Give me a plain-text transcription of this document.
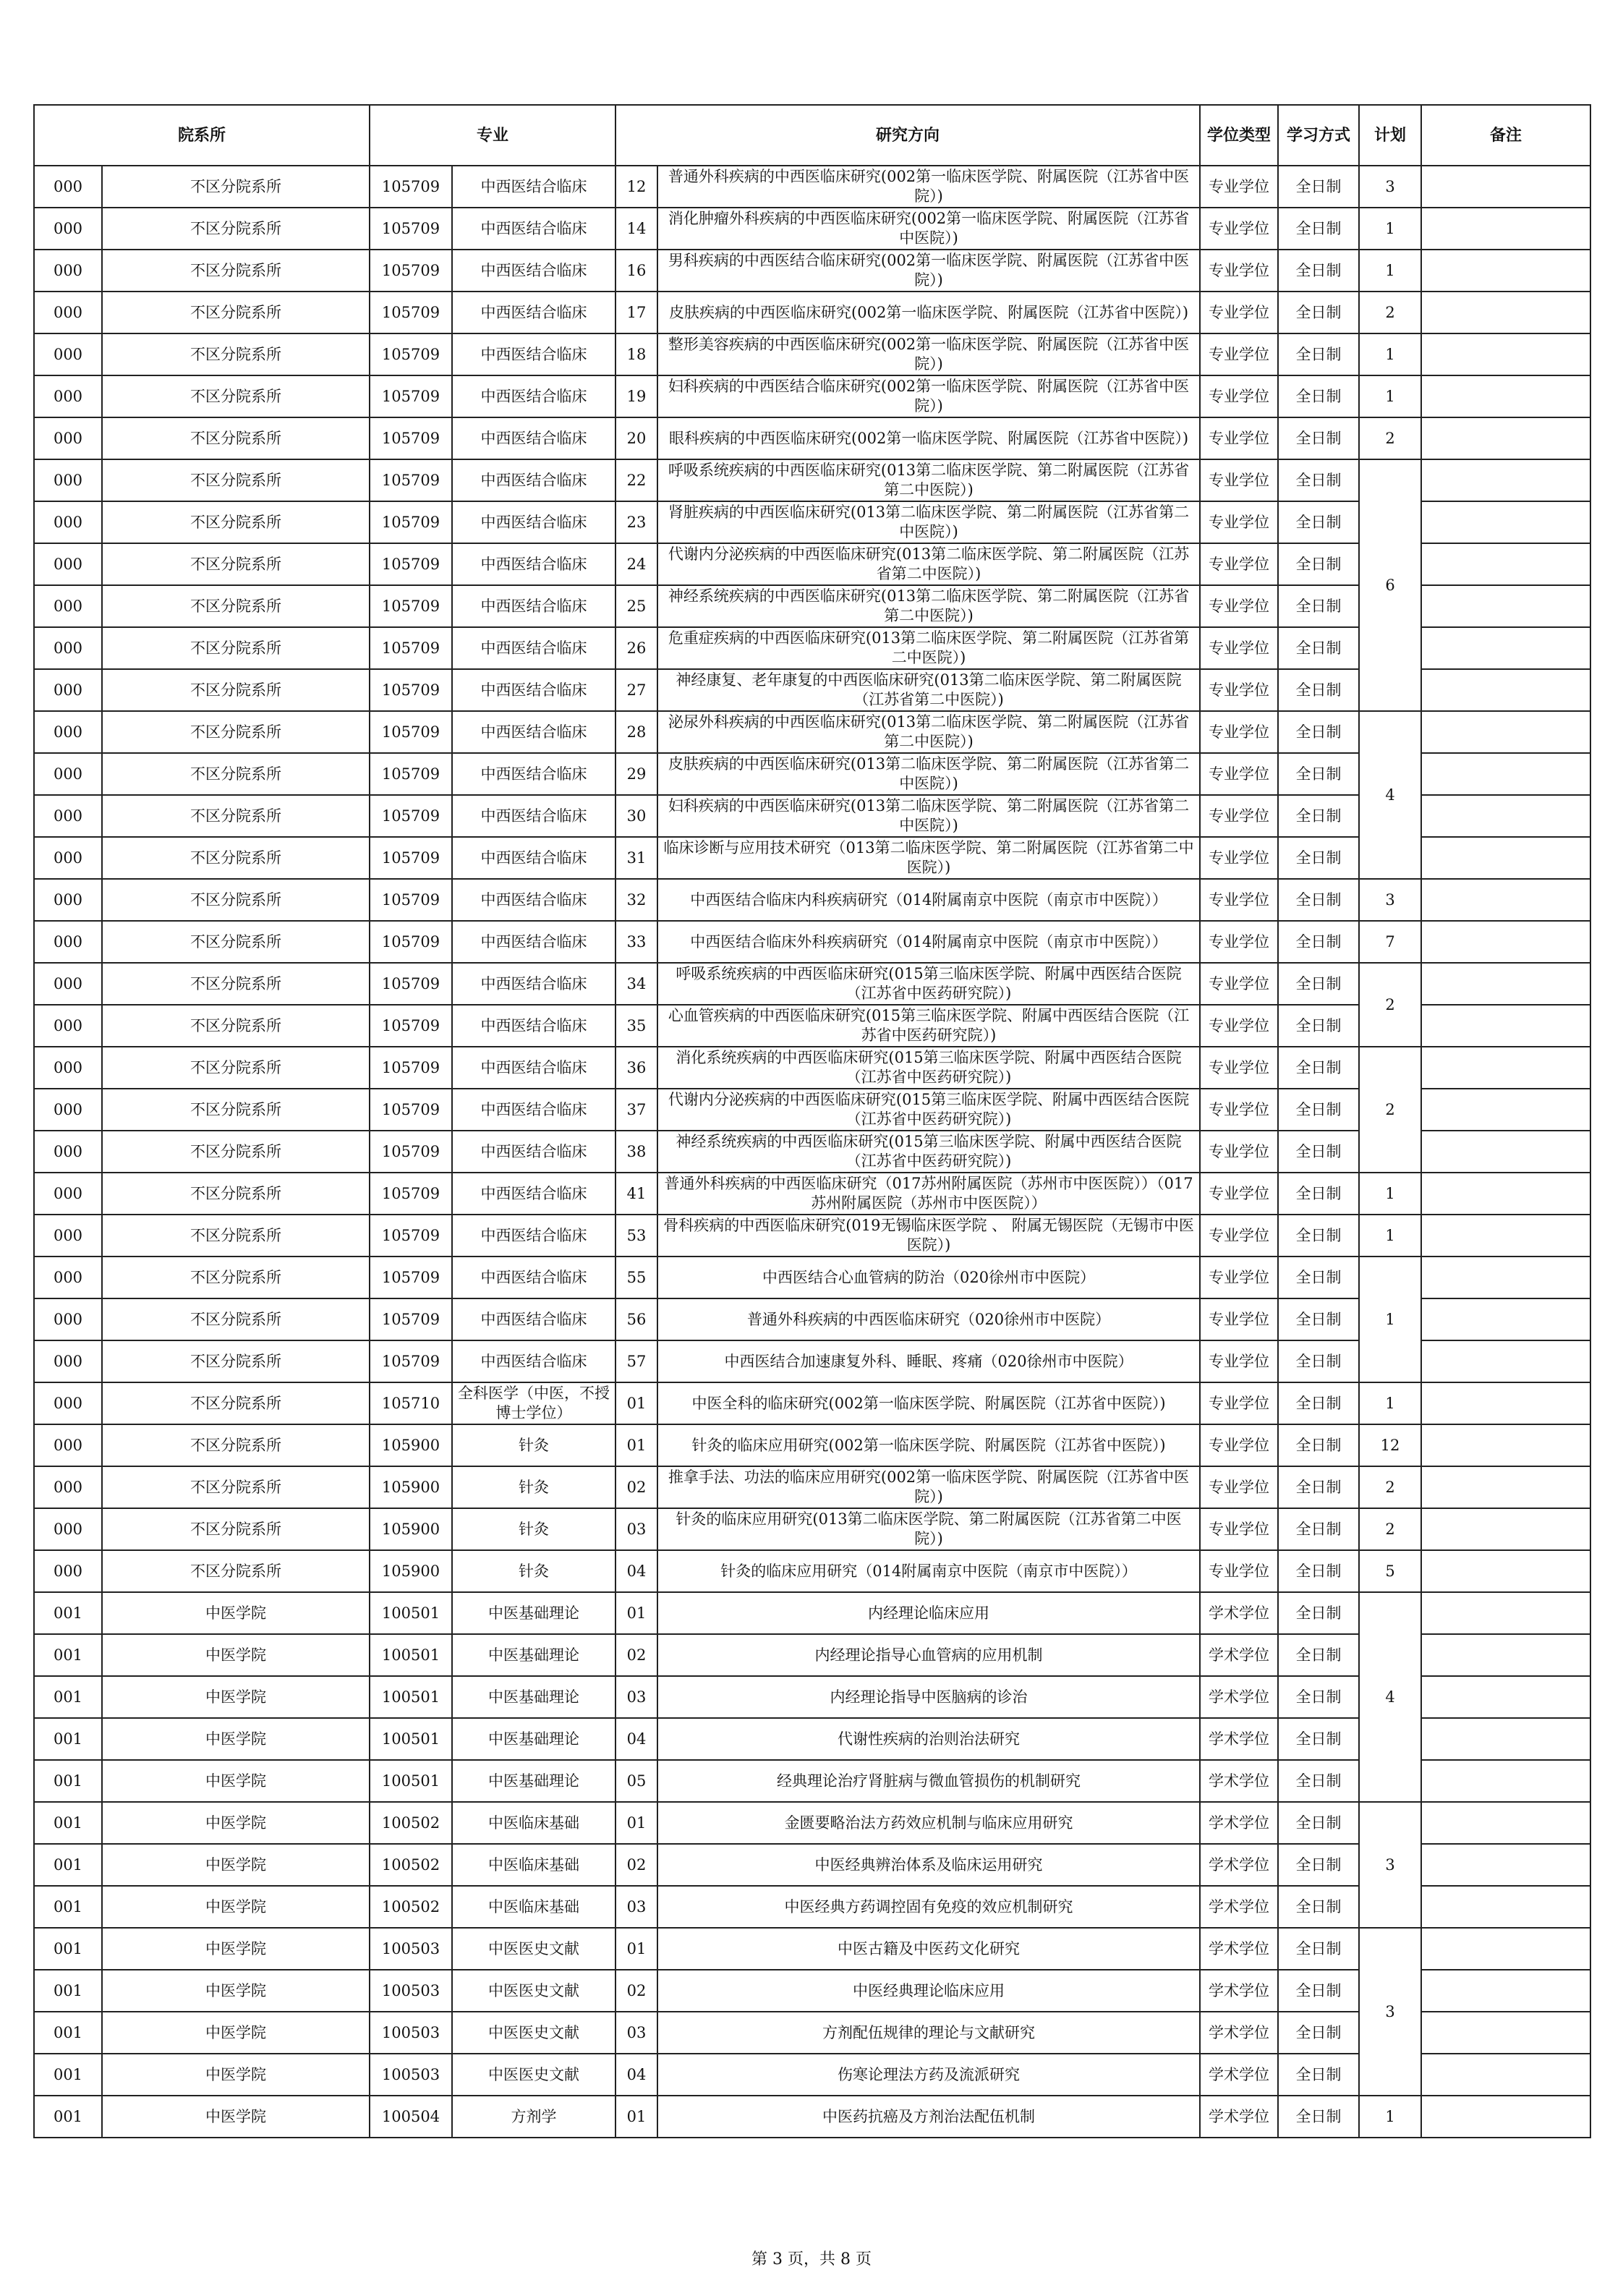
院系所		专业		研究方向		学位类型	学习方式	计划	备注
000	不区分院系所	105709	中西医结合临床	12	普通外科疾病的中西医临床研究(002第一临床医学院、附属医院（江苏省中医院）)	专业学位	全日制	3	
000	不区分院系所	105709	中西医结合临床	14	消化肿瘤外科疾病的中西医临床研究(002第一临床医学院、附属医院（江苏省中医院）)	专业学位	全日制	1	
000	不区分院系所	105709	中西医结合临床	16	男科疾病的中西医结合临床研究(002第一临床医学院、附属医院（江苏省中医院）)	专业学位	全日制	1	
000	不区分院系所	105709	中西医结合临床	17	皮肤疾病的中西医临床研究(002第一临床医学院、附属医院（江苏省中医院）)	专业学位	全日制	2	
000	不区分院系所	105709	中西医结合临床	18	整形美容疾病的中西医临床研究(002第一临床医学院、附属医院（江苏省中医院）)	专业学位	全日制	1	
000	不区分院系所	105709	中西医结合临床	19	妇科疾病的中西医结合临床研究(002第一临床医学院、附属医院（江苏省中医院）)	专业学位	全日制	1	
000	不区分院系所	105709	中西医结合临床	20	眼科疾病的中西医临床研究(002第一临床医学院、附属医院（江苏省中医院）)	专业学位	全日制	2	
000	不区分院系所	105709	中西医结合临床	22	呼吸系统疾病的中西医临床研究(013第二临床医学院、第二附属医院（江苏省第二中医院）)	专业学位	全日制	6	
000	不区分院系所	105709	中西医结合临床	23	肾脏疾病的中西医临床研究(013第二临床医学院、第二附属医院（江苏省第二中医院）)	专业学位	全日制		
000	不区分院系所	105709	中西医结合临床	24	代谢内分泌疾病的中西医临床研究(013第二临床医学院、第二附属医院（江苏省第二中医院）)	专业学位	全日制		
000	不区分院系所	105709	中西医结合临床	25	神经系统疾病的中西医临床研究(013第二临床医学院、第二附属医院（江苏省第二中医院）)	专业学位	全日制		
000	不区分院系所	105709	中西医结合临床	26	危重症疾病的中西医临床研究(013第二临床医学院、第二附属医院（江苏省第二中医院）)	专业学位	全日制		
000	不区分院系所	105709	中西医结合临床	27	神经康复、老年康复的中西医临床研究(013第二临床医学院、第二附属医院（江苏省第二中医院）)	专业学位	全日制		
000	不区分院系所	105709	中西医结合临床	28	泌尿外科疾病的中西医临床研究(013第二临床医学院、第二附属医院（江苏省第二中医院）)	专业学位	全日制	4	
000	不区分院系所	105709	中西医结合临床	29	皮肤疾病的中西医临床研究(013第二临床医学院、第二附属医院（江苏省第二中医院）)	专业学位	全日制		
000	不区分院系所	105709	中西医结合临床	30	妇科疾病的中西医临床研究(013第二临床医学院、第二附属医院（江苏省第二中医院）)	专业学位	全日制		
000	不区分院系所	105709	中西医结合临床	31	临床诊断与应用技术研究（013第二临床医学院、第二附属医院（江苏省第二中医院）)	专业学位	全日制		
000	不区分院系所	105709	中西医结合临床	32	中西医结合临床内科疾病研究（014附属南京中医院（南京市中医院））	专业学位	全日制	3	
000	不区分院系所	105709	中西医结合临床	33	中西医结合临床外科疾病研究（014附属南京中医院（南京市中医院））	专业学位	全日制	7	
000	不区分院系所	105709	中西医结合临床	34	呼吸系统疾病的中西医临床研究(015第三临床医学院、附属中西医结合医院（江苏省中医药研究院）)	专业学位	全日制	2	
000	不区分院系所	105709	中西医结合临床	35	心血管疾病的中西医临床研究(015第三临床医学院、附属中西医结合医院（江苏省中医药研究院）)	专业学位	全日制		
000	不区分院系所	105709	中西医结合临床	36	消化系统疾病的中西医临床研究(015第三临床医学院、附属中西医结合医院（江苏省中医药研究院）)	专业学位	全日制	2	
000	不区分院系所	105709	中西医结合临床	37	代谢内分泌疾病的中西医临床研究(015第三临床医学院、附属中西医结合医院（江苏省中医药研究院）)	专业学位	全日制		
000	不区分院系所	105709	中西医结合临床	38	神经系统疾病的中西医临床研究(015第三临床医学院、附属中西医结合医院（江苏省中医药研究院）)	专业学位	全日制		
000	不区分院系所	105709	中西医结合临床	41	普通外科疾病的中西医临床研究（017苏州附属医院（苏州市中医医院））（017苏州附属医院（苏州市中医医院））	专业学位	全日制	1	
000	不区分院系所	105709	中西医结合临床	53	骨科疾病的中西医临床研究(019无锡临床医学院 、 附属无锡医院（无锡市中医医院）)	专业学位	全日制	1	
000	不区分院系所	105709	中西医结合临床	55	中西医结合心血管病的防治（020徐州市中医院）	专业学位	全日制	1	
000	不区分院系所	105709	中西医结合临床	56	普通外科疾病的中西医临床研究（020徐州市中医院）	专业学位	全日制		
000	不区分院系所	105709	中西医结合临床	57	中西医结合加速康复外科、睡眠、疼痛（020徐州市中医院）	专业学位	全日制		
000	不区分院系所	105710	全科医学（中医，不授博士学位）	01	中医全科的临床研究(002第一临床医学院、附属医院（江苏省中医院）)	专业学位	全日制	1	
000	不区分院系所	105900	针灸	01	针灸的临床应用研究(002第一临床医学院、附属医院（江苏省中医院）)	专业学位	全日制	12	
000	不区分院系所	105900	针灸	02	推拿手法、功法的临床应用研究(002第一临床医学院、附属医院（江苏省中医院）)	专业学位	全日制	2	
000	不区分院系所	105900	针灸	03	针灸的临床应用研究(013第二临床医学院、第二附属医院（江苏省第二中医院）)	专业学位	全日制	2	
000	不区分院系所	105900	针灸	04	针灸的临床应用研究（014附属南京中医院（南京市中医院））	专业学位	全日制	5	
001	中医学院	100501	中医基础理论	01	内经理论临床应用	学术学位	全日制	4	
001	中医学院	100501	中医基础理论	02	内经理论指导心血管病的应用机制	学术学位	全日制		
001	中医学院	100501	中医基础理论	03	内经理论指导中医脑病的诊治	学术学位	全日制		
001	中医学院	100501	中医基础理论	04	代谢性疾病的治则治法研究	学术学位	全日制		
001	中医学院	100501	中医基础理论	05	经典理论治疗肾脏病与微血管损伤的机制研究	学术学位	全日制		
001	中医学院	100502	中医临床基础	01	金匮要略治法方药效应机制与临床应用研究	学术学位	全日制	3	
001	中医学院	100502	中医临床基础	02	中医经典辨治体系及临床运用研究	学术学位	全日制		
001	中医学院	100502	中医临床基础	03	中医经典方药调控固有免疫的效应机制研究	学术学位	全日制		
001	中医学院	100503	中医医史文献	01	中医古籍及中医药文化研究	学术学位	全日制	3	
001	中医学院	100503	中医医史文献	02	中医经典理论临床应用	学术学位	全日制		
001	中医学院	100503	中医医史文献	03	方剂配伍规律的理论与文献研究	学术学位	全日制		
001	中医学院	100503	中医医史文献	04	伤寒论理法方药及流派研究	学术学位	全日制		
001	中医学院	100504	方剂学	01	中医药抗癌及方剂治法配伍机制	学术学位	全日制	1	
第 3 页，共 8 页
